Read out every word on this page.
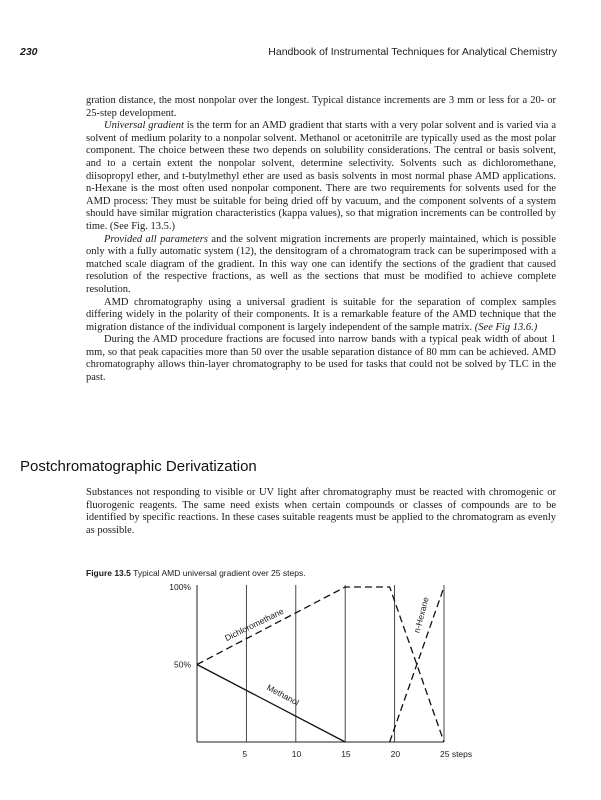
230	Handbook of Instrumental Techniques for Analytical Chemistry

gration distance, the most nonpolar over the longest. Typical distance increments are 3 mm or less for a 20- or 25-step development.

Universal gradient is the term for an AMD gradient that starts with a very polar solvent and is varied via a solvent of medium polarity to a nonpolar solvent. Methanol or acetonitrile are typically used as the most polar component. The choice between these two depends on solubility considerations. The central or basis solvent, and to a certain extent the nonpolar solvent, determine selectivity. Solvents such as dichloromethane, diisopropyl ether, and t-butylmethyl ether are used as basis solvents in most normal phase AMD applications. n-Hexane is the most often used nonpolar component. There are two requirements for solvents used for the AMD process: They must be suitable for being dried off by vacuum, and the component solvents of a system should have similar migration characteristics (kappa values), so that migration increments can be controlled by time. (See Fig. 13.5.)

Provided all parameters and the solvent migration increments are properly maintained, which is possible only with a fully automatic system (12), the densitogram of a chromatogram track can be superimposed with a matched scale diagram of the gradient. In this way one can identify the sections of the gradient that caused resolution of the respective fractions, as well as the sections that must be modified to achieve complete resolution.

AMD chromatography using a universal gradient is suitable for the separation of complex samples differing widely in the polarity of their components. It is a remarkable feature of the AMD technique that the migration distance of the individual component is largely independent of the sample matrix. (See Fig 13.6.)

During the AMD procedure fractions are focused into narrow bands with a typical peak width of about 1 mm, so that peak capacities more than 50 over the usable separation distance of 80 mm can be achieved. AMD chromatography allows thin-layer chromatography to be used for tasks that could not be solved by TLC in the past.

Postchromatographic Derivatization

Substances not responding to visible or UV light after chromatography must be reacted with chromogenic or fluorogenic reagents. The same need exists when certain compounds or classes of compounds are to be identified by specific reactions. In these cases suitable reagents must be applied to the chromatogram as evenly as possible.

Figure 13.5 Typical AMD universal gradient over 25 steps.
5	10	15	20	25 steps
50%
100%
Dichloromethane
Methanol
n-Hexane
